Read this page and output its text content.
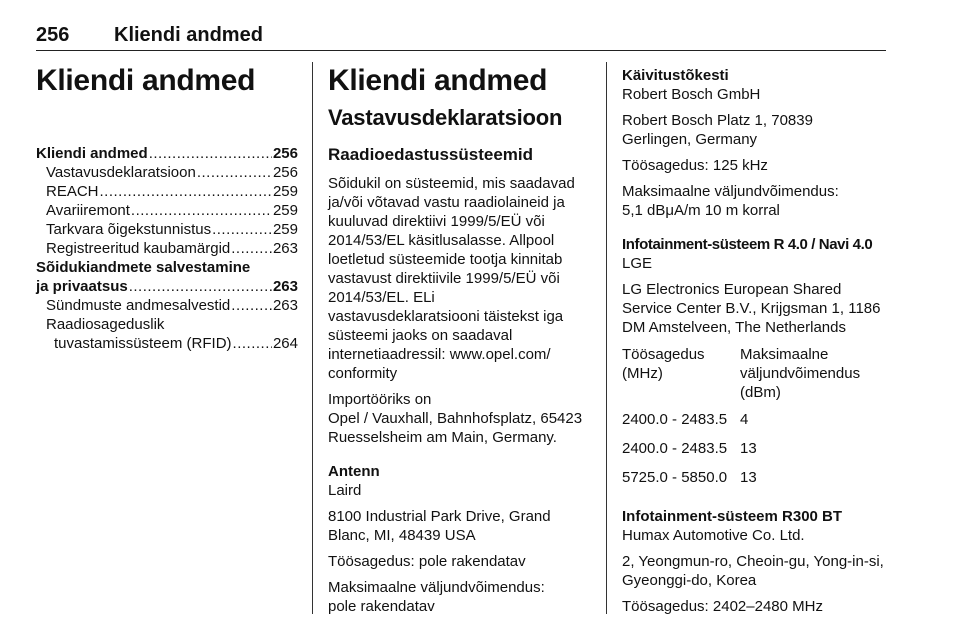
256 Kliendi andmed
Kliendi andmed
Kliendi andmed .....	256
Vastavusdeklaratsioon .....	256
REACH .....	259
Avariiremont .....	259
Tarkvara õigekstunnistus .....	259
Registreeritud kaubamärgid .....	263
Sõidukiandmete salvestamine
ja privaatsus .....	263
Sündmuste andmesalvestid .....	263
Raadiosageduslik
tuvastamissüsteem (RFID) .....	264
Kliendi andmed
Vastavusdeklaratsioon
Raadioedastussüsteemid

Sõidukil on süsteemid, mis saadavad ja/või võtavad vastu raadiolaineid ja kuuluvad direktiivi 1999/5/EÜ või 2014/53/EL käsitlusalasse. Allpool loetletud süsteemide tootja kinnitab vastavust direktiivile 1999/5/EÜ või 2014/53/EL. ELi vastavusdeklaratsiooni täistekst iga süsteemi jaoks on saadaval internetiaadressil: www.opel.com/ conformity

Importööriks on

Opel / Vauxhall, Bahnhofsplatz, 65423 Ruesselsheim am Main, Germany.

Antenn

Laird

8100 Industrial Park Drive, Grand Blanc, MI, 48439 USA

Töösagedus: pole rakendatav

Maksimaalne väljundvõimendus:

pole rakendatav

Käivitustõkesti

Robert Bosch GmbH

Robert Bosch Platz 1, 70839 Gerlingen, Germany

Töösagedus: 125 kHz

Maksimaalne väljundvõimendus:

5,1 dBμA/m 10 m korral

Infotainment-süsteem R 4.0 / Navi 4.0

LGE

LG Electronics European Shared Service Center B.V., Krijgsman 1, 1186 DM Amstelveen, The Netherlands

Töösagedus (MHz)	Maksimaalne väljundvõimendus (dBm)

2400.0 - 2483.5	4

2400.0 - 2483.5	13

5725.0 - 5850.0	13

Infotainment-süsteem R300 BT

Humax Automotive Co. Ltd.

2, Yeongmun-ro, Cheoin-gu, Yong-in-si, Gyeonggi-do, Korea

Töösagedus: 2402–2480 MHz
